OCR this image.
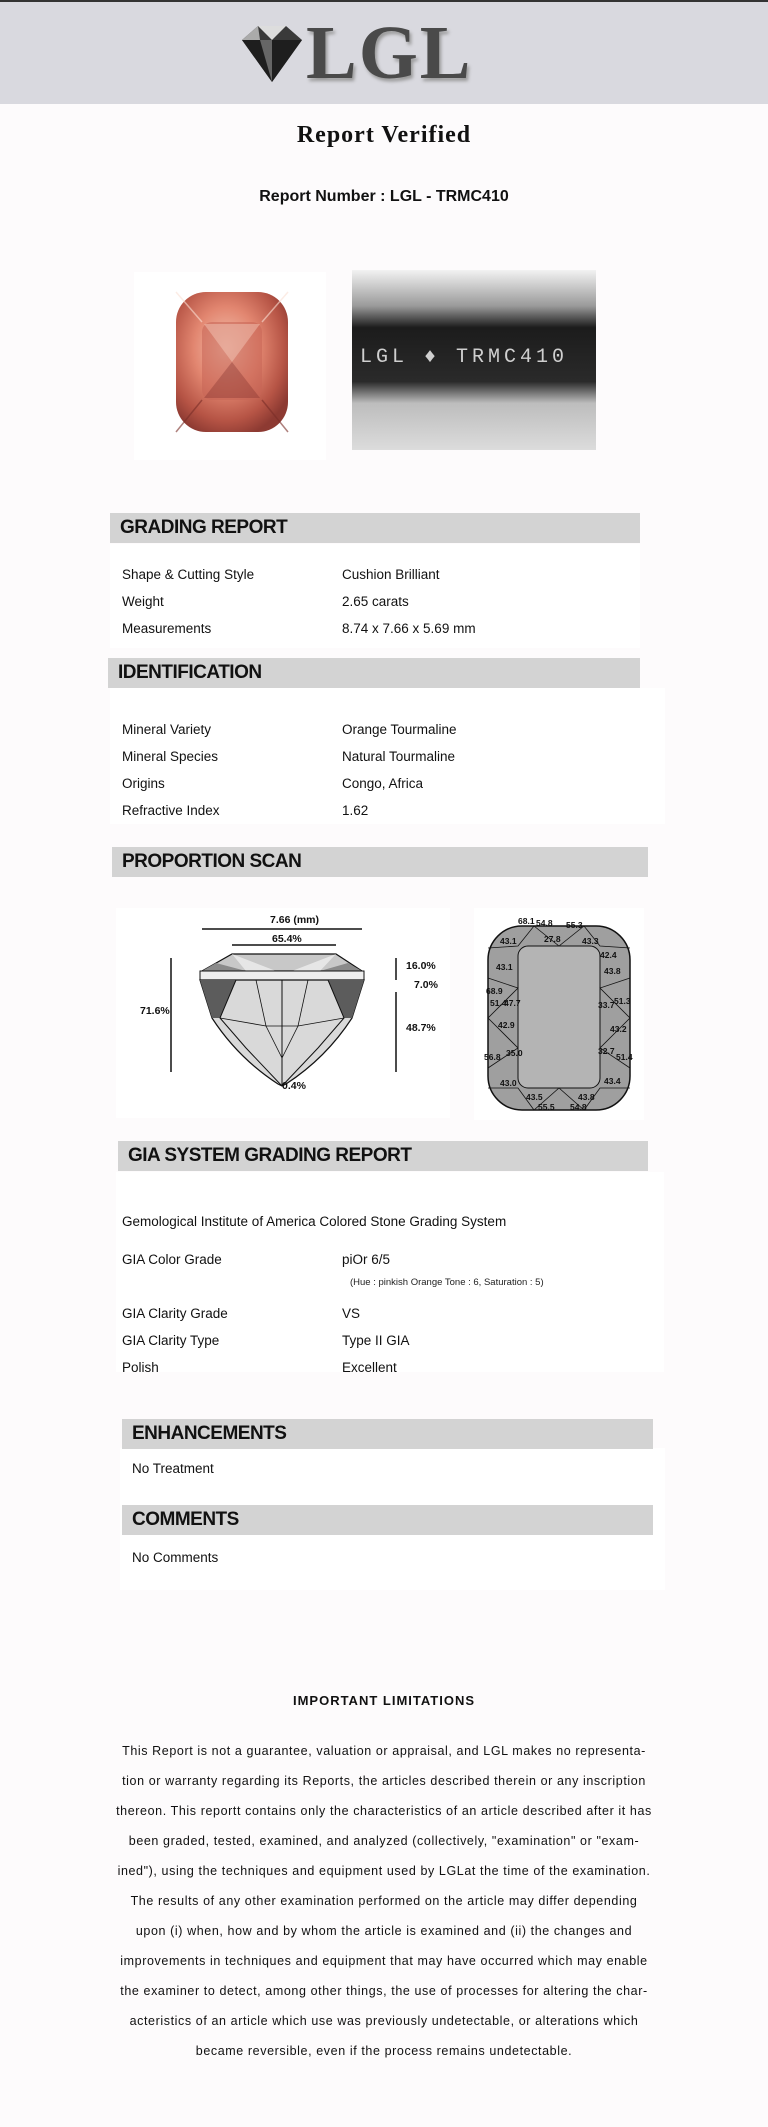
LGL
Report Verified
Report Number : LGL - TRMC410
LGL ♦ TRMC410
GRADING REPORT
Shape & Cutting Style	Cushion Brilliant
Weight	2.65 carats
Measurements	8.74 x 7.66 x 5.69 mm
IDENTIFICATION
Mineral Variety	Orange Tourmaline
Mineral Species	Natural Tourmaline
Origins	Congo, Africa
Refractive Index	1.62
PROPORTION SCAN
7.66 (mm)
65.4%
71.6%
16.0%
7.0%
48.7%
0.4%
68.1 54.8 55.3
43.1	27.8	43.3
42.4
43.1	43.8
68.9
51.4
47.7	33.7 51.3
42.9	43.2
35.0	32.7
56.8	51.4
43.4
43.0
43.5	43.8
55.5 54.8
GIA SYSTEM GRADING REPORT
Gemological Institute of America Colored Stone Grading System
GIA Color Grade	piOr 6/5
(Hue : pinkish Orange Tone : 6, Saturation : 5)
GIA Clarity Grade	VS
GIA Clarity Type	Type II GIA
Polish	Excellent
ENHANCEMENTS
No Treatment
COMMENTS
No Comments
IMPORTANT LIMITATIONS
This Report is not a guarantee, valuation or appraisal, and LGL makes no representa-
tion or warranty regarding its Reports, the articles described therein or any inscription
thereon. This reportt contains only the characteristics of an article described after it has
been graded, tested, examined, and analyzed (collectively, "examination" or "exam-
ined"), using the techniques and equipment used by LGLat the time of the examination.
The results of any other examination performed on the article may differ depending
upon (i) when, how and by whom the article is examined and (ii) the changes and
improvements in techniques and equipment that may have occurred which may enable
the examiner to detect, among other things, the use of processes for altering the char-
acteristics of an article which use was previously undetectable, or alterations which
became reversible, even if the process remains undetectable.
